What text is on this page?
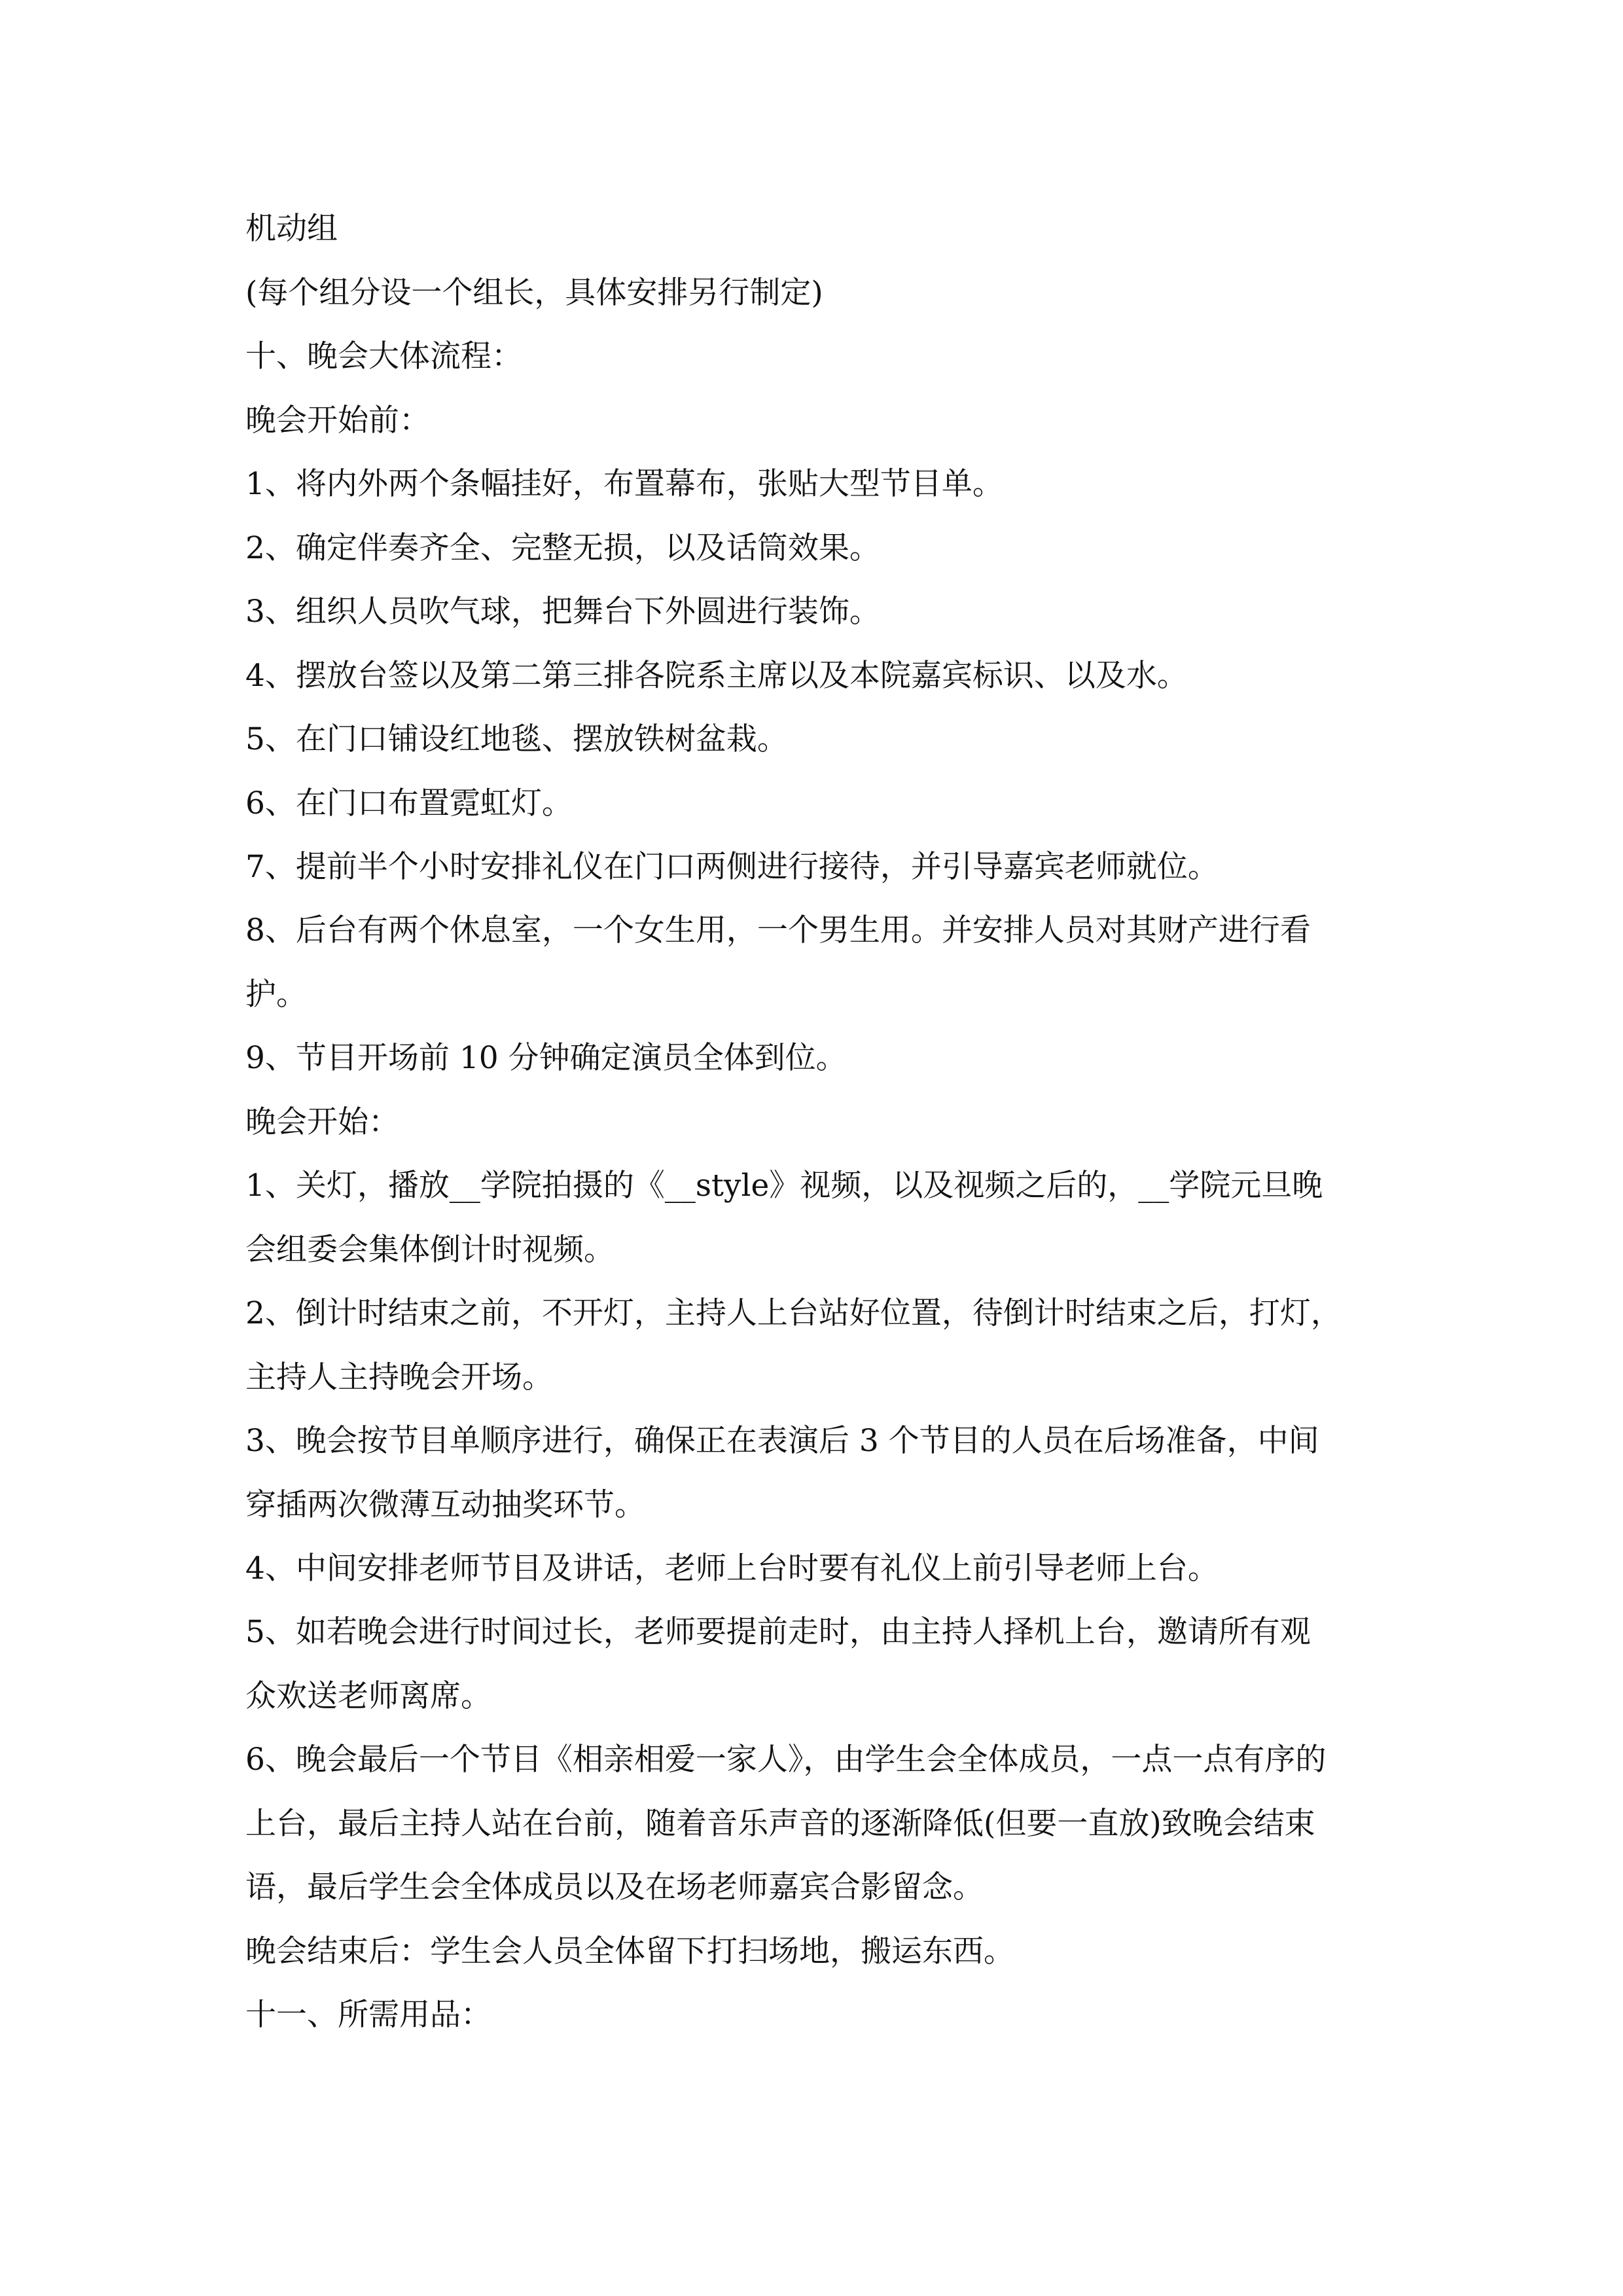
机动组
(每个组分设一个组长，具体安排另行制定)
十、晚会大体流程：
晚会开始前：
1、将内外两个条幅挂好，布置幕布，张贴大型节目单。
2、确定伴奏齐全、完整无损，以及话筒效果。
3、组织人员吹气球，把舞台下外圆进行装饰。
4、摆放台签以及第二第三排各院系主席以及本院嘉宾标识、以及水。
5、在门口铺设红地毯、摆放铁树盆栽。
6、在门口布置霓虹灯。
7、提前半个小时安排礼仪在门口两侧进行接待，并引导嘉宾老师就位。
8、后台有两个休息室，一个女生用，一个男生用。并安排人员对其财产进行看
护。
9、节目开场前 10 分钟确定演员全体到位。
晚会开始：
1、关灯，播放__学院拍摄的《__style》视频，以及视频之后的，__学院元旦晚
会组委会集体倒计时视频。
2、倒计时结束之前，不开灯，主持人上台站好位置，待倒计时结束之后，打灯，
主持人主持晚会开场。
3、晚会按节目单顺序进行，确保正在表演后 3 个节目的人员在后场准备，中间
穿插两次微薄互动抽奖环节。
4、中间安排老师节目及讲话，老师上台时要有礼仪上前引导老师上台。
5、如若晚会进行时间过长，老师要提前走时，由主持人择机上台，邀请所有观
众欢送老师离席。
6、晚会最后一个节目《相亲相爱一家人》，由学生会全体成员，一点一点有序的
上台，最后主持人站在台前，随着音乐声音的逐渐降低(但要一直放)致晚会结束
语，最后学生会全体成员以及在场老师嘉宾合影留念。
晚会结束后：学生会人员全体留下打扫场地，搬运东西。
十一、所需用品：
